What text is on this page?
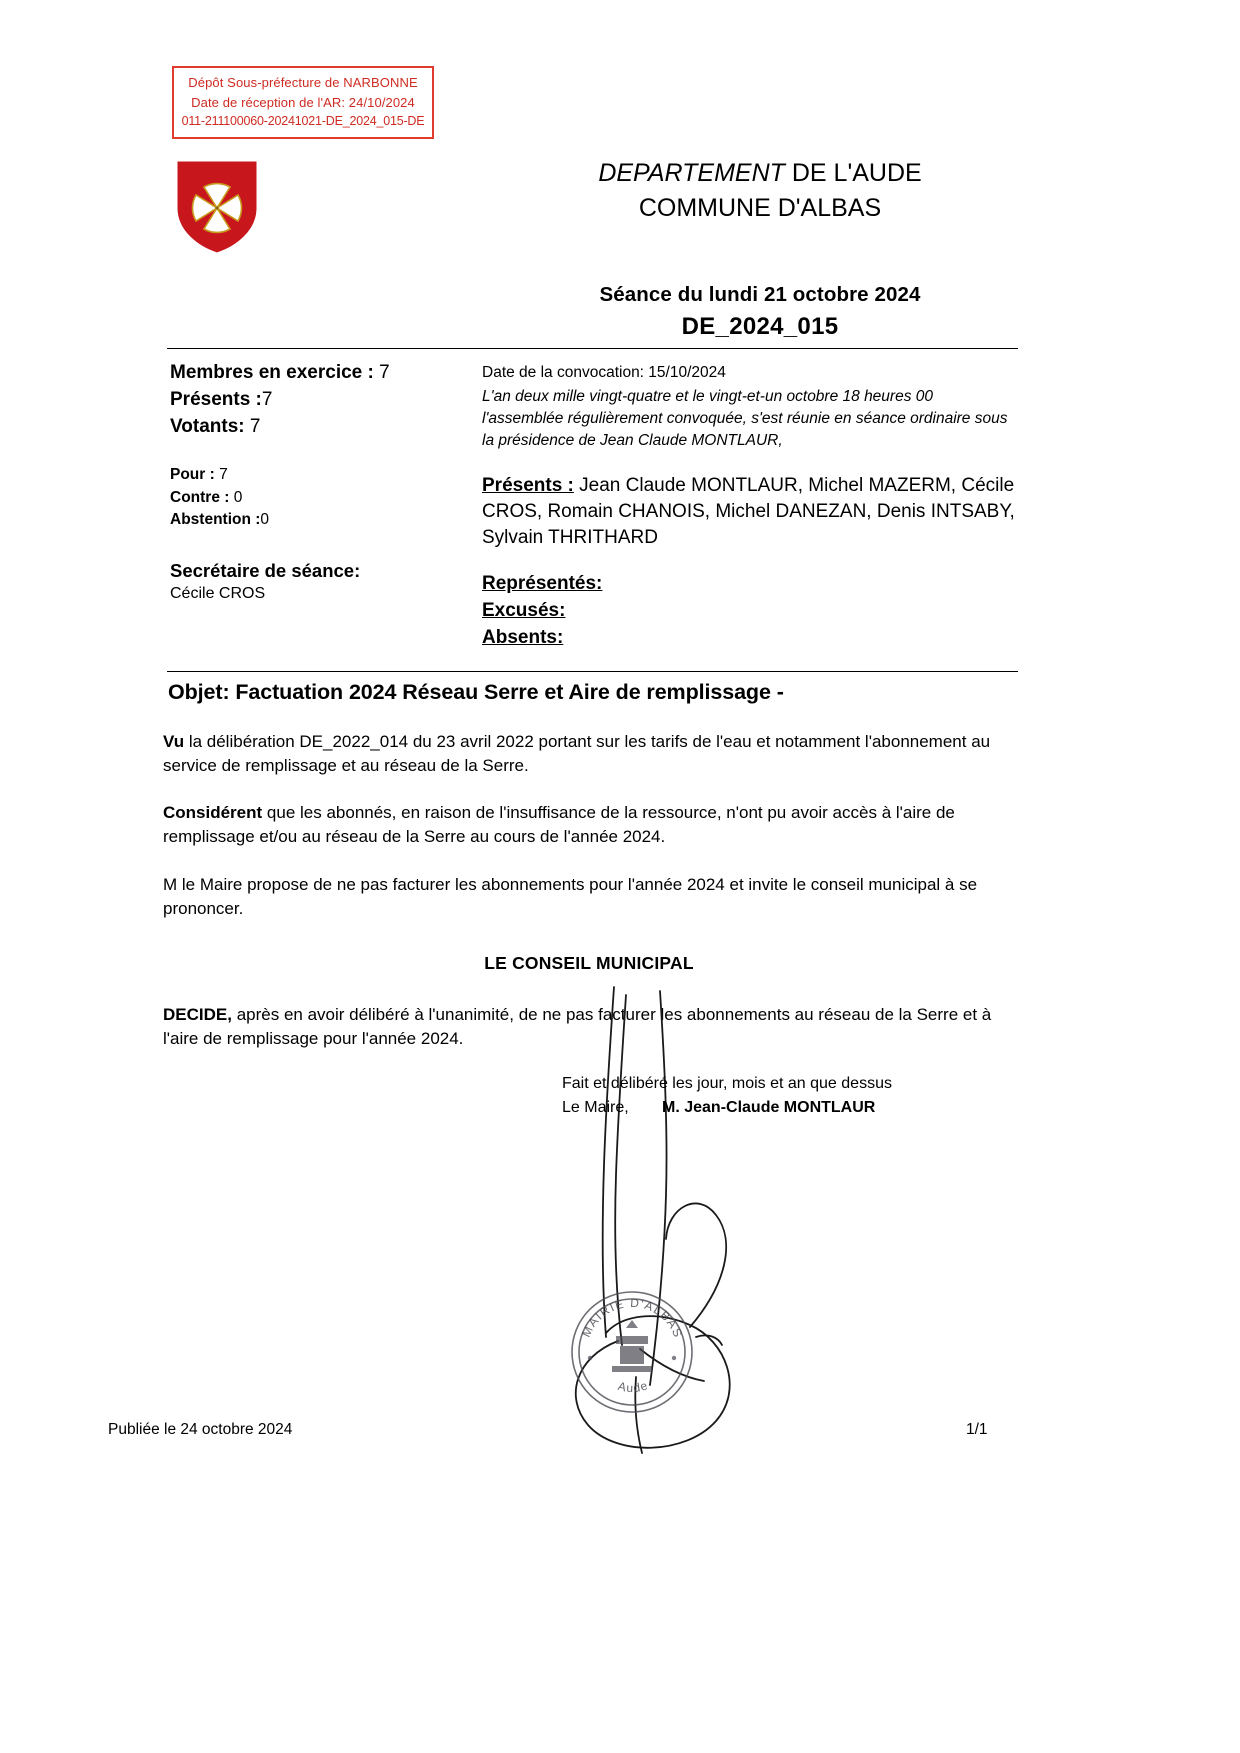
Dépôt Sous-préfecture de NARBONNE
Date de réception de l'AR: 24/10/2024
011-211100060-20241021-DE_2024_015-DE
DEPARTEMENT DE L'AUDE
COMMUNE D'ALBAS
Séance du lundi 21 octobre 2024
DE_2024_015
Membres en exercice : 7
Présents :7
Votants: 7
Pour : 7
Contre : 0
Abstention :0
Secrétaire de séance:
Cécile CROS
Date de la convocation: 15/10/2024
L'an deux mille vingt-quatre et le vingt-et-un octobre 18 heures 00 l'assemblée régulièrement convoquée, s'est réunie en séance ordinaire sous la présidence de Jean Claude MONTLAUR,
Présents : Jean Claude MONTLAUR, Michel MAZERM, Cécile CROS, Romain CHANOIS, Michel DANEZAN, Denis INTSABY, Sylvain THRITHARD
Représentés:
Excusés:
Absents:
Objet: Factuation 2024 Réseau Serre et Aire de remplissage -

Vu la délibération DE_2022_014 du 23 avril 2022 portant sur les tarifs de l'eau et notamment l'abonnement au service de remplissage et au réseau de la Serre.

Considérent que les abonnés, en raison de l'insuffisance de la ressource, n'ont pu avoir accès à l'aire de remplissage et/ou au réseau de la Serre au cours de l'année 2024.

M le Maire propose de ne pas facturer les abonnements pour l'année 2024 et invite le conseil municipal à se prononcer.

LE CONSEIL MUNICIPAL

DECIDE, après en avoir délibéré à l'unanimité, de ne pas facturer les abonnements au réseau de la Serre et à l'aire de remplissage pour l'année 2024.

MAIRIE D'ALBAS
Aude
Fait et délibéré les jour, mois et an que dessus
Le Maire,	M. Jean-Claude MONTLAUR
Publiée le 24 octobre 2024	1/1
